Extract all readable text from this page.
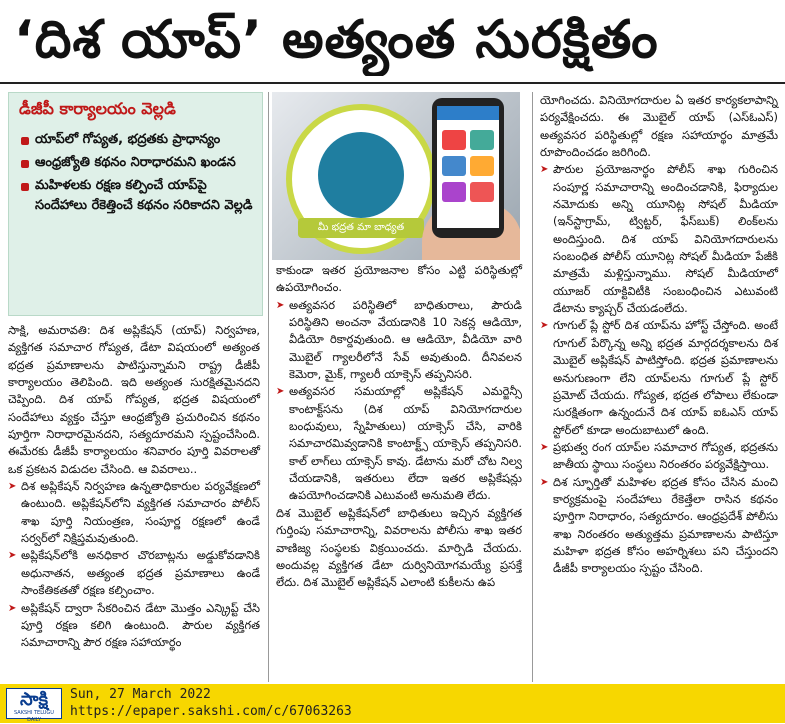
‘దిశ యాప్’ అత్యంత సురక్షితం
డీజీపీ కార్యాలయం వెల్లడి
యాప్‌లో గోప్యత, భద్రతకు ప్రాధాన్యం
ఆంధ్రజ్యోతి కథనం నిరాధారమని ఖండన
మహిళలకు రక్షణ కల్పించే యాప్‌పై సందేహాలు రేకెత్తించే కథనం సరికాదని వెల్లడి
మీ భద్రత మా బాధ్యత

సాక్షి, అమరావతి: దిశ అప్లికేషన్ (యాప్) నిర్వహణ, వ్యక్తిగత సమాచార గోప్యత, డేటా విషయంలో అత్యంత భద్రత ప్రమాణాలను పాటిస్తున్నామని రాష్ట్ర డీజీపీ కార్యాలయం తెలిపింది. ఇది అత్యంత సురక్షితమైనదని చెప్పింది. దిశ యాప్ గోప్యత, భద్రత విషయంలో సందేహాలు వ్యక్తం చేస్తూ ఆంధ్రజ్యోతి ప్రచురించిన కథనం పూర్తిగా నిరాధారమైనదని, సత్యదూరమని స్పష్టంచేసింది. ఈమేరకు డీజీపీ కార్యాలయం శనివారం పూర్తి వివరాలతో ఒక ప్రకటన విడుదల చేసింది. ఆ వివరాలు..

➤ దిశ అప్లికేషన్ నిర్వహణ ఉన్నతాధికారుల పర్యవేక్షణలో ఉంటుంది. అప్లికేషన్‌లోని వ్యక్తిగత సమాచారం పోలీస్ శాఖ పూర్తి నియంత్రణ, సంపూర్ణ రక్షణలో ఉండే సర్వర్‌లో నిక్షిప్తమవుతుంది.

➤ అప్లికేషన్‌లోకి అనధికార చొరబాట్లను అడ్డుకోవడానికి అధునాతన, అత్యంత భద్రత ప్రమాణాలు ఉండే సాంకేతికతతో రక్షణ కల్పించాం.

➤ అప్లికేషన్ ద్వారా సేకరించిన డేటా మొత్తం ఎన్క్రిప్ట్ చేసి పూర్తి రక్షణ కలిగి ఉంటుంది. పౌరుల వ్యక్తిగత సమాచారాన్ని పౌర రక్షణ సహాయార్థం

కాకుండా ఇతర ప్రయోజనాల కోసం ఎట్టి పరిస్థితుల్లో ఉపయోగించం.

➤ అత్యవసర పరిస్థితిలో బాధితురాలు, పౌరుడి పరిస్థితిని అంచనా వేయడానికి 10 సెకన్ల ఆడియో, వీడియో రికార్డవుతుంది. ఆ ఆడియో, వీడియో వారి మొబైల్ గ్యాలరీలోనే సేవ్ అవుతుంది. దీనివలన కెమెరా, మైక్, గ్యాలరీ యాక్సెస్ తప్పనిసరి.

➤ అత్యవసర సమయాల్లో అప్లికేషన్ ఎమర్జెన్సీ కాంటాక్ట్‌సను (దిశ యాప్ వినియోగదారుల బంధువులు, స్నేహితులు) యాక్సెస్ చేసి, వారికి సమాచారమివ్వడానికి కాంటాక్ట్స్ యాక్సెస్ తప్పనిసరి. కాల్ లాగ్‌లు యాక్సెస్ కావు. డేటాను మరో చోట నిల్వ చేయడానికి, ఇతరులు లేదా ఇతర అప్లికేషన్లు ఉపయోగించడానికి ఎటువంటి అనుమతి లేదు.

దిశ మొబైల్ అప్లికేషన్‌లో బాధితులు ఇచ్చిన వ్యక్తిగత గుర్తింపు సమాచారాన్ని, వివరాలను పోలీసు శాఖ ఇతర వాణిజ్య సంస్థలకు విక్రయించదు. మార్పిడి చేయదు. అందువల్ల వ్యక్తిగత డేటా దుర్వినియోగమయ్యే ప్రసక్తే లేదు. దిశ మొబైల్ అప్లికేషన్ ఎలాంటి కుకీలను ఉప

యోగించదు. వినియోగదారుల ఏ ఇతర కార్యకలాపాన్ని పర్యవేక్షించదు. ఈ మొబైల్ యాప్ (ఎస్ఓఎస్) అత్యవసర పరిస్థితుల్లో రక్షణ సహాయార్థం మాత్రమే రూపొందించడం జరిగింది.

➤ పౌరుల ప్రయోజనార్థం పోలీస్ శాఖ గురించిన సంపూర్ణ సమాచారాన్ని అందించడానికి, ఫిర్యాదుల నమోదుకు అన్ని యూనిట్ల సోషల్ మీడియా (ఇన్‌స్టాగ్రామ్, ట్విట్టర్, ఫేస్‌బుక్) లింక్‌లను అందిస్తుంది. దిశ యాప్ వినియోగదారులను సంబంధిత పోలీస్ యూనిట్ల సోషల్ మీడియా పేజీకి మాత్రమే మళ్లిస్తున్నాము. సోషల్ మీడియాలో యూజర్ యాక్టివిటీకి సంబంధించిన ఎటువంటి డేటాను క్యాప్చర్ చేయడంలేదు.

➤ గూగుల్ ప్లే స్టోర్ దిశ యాప్‌ను హోస్ట్ చేస్తోంది. అంటే గూగుల్ పేర్కొన్న అన్ని భద్రత మార్గదర్శకాలను దిశ మొబైల్ అప్లికేషన్ పాటిస్తోంది. భద్రత ప్రమాణాలను అనుగుణంగా లేని యాప్‌లను గూగుల్ ప్లే స్టోర్ ప్రమోట్ చేయదు. గోప్యత, భద్రత లోపాలు లేకుండా సురక్షితంగా ఉన్నందునే దిశ యాప్ ఐఓఎస్ యాప్ స్టోర్‌లో కూడా అందుబాటులో ఉంది.

➤ ప్రభుత్వ రంగ యాప్‌ల సమాచార గోప్యత, భద్రతను జాతీయ స్థాయి సంస్థలు నిరంతరం పర్యవేక్షిస్తాయి.

➤ దిశ స్ఫూర్తితో మహిళల భద్రత కోసం చేసిన మంచి కార్యక్రమంపై సందేహాలు రేకెత్తేలా రాసిన కథనం పూర్తిగా నిరాధారం, సత్యదూరం. ఆంధ్రప్రదేశ్ పోలీసు శాఖ నిరంతరం అత్యుత్తమ ప్రమాణాలను పాటిస్తూ మహిళా భద్రత కోసం అహర్నిశలు పని చేస్తుందని డీజీపీ కార్యాలయం స్పష్టం చేసింది.

సాక్షి
SAKSHI TELUGU DAILY
Sun, 27 March 2022
https://epaper.sakshi.com/c/67063263
